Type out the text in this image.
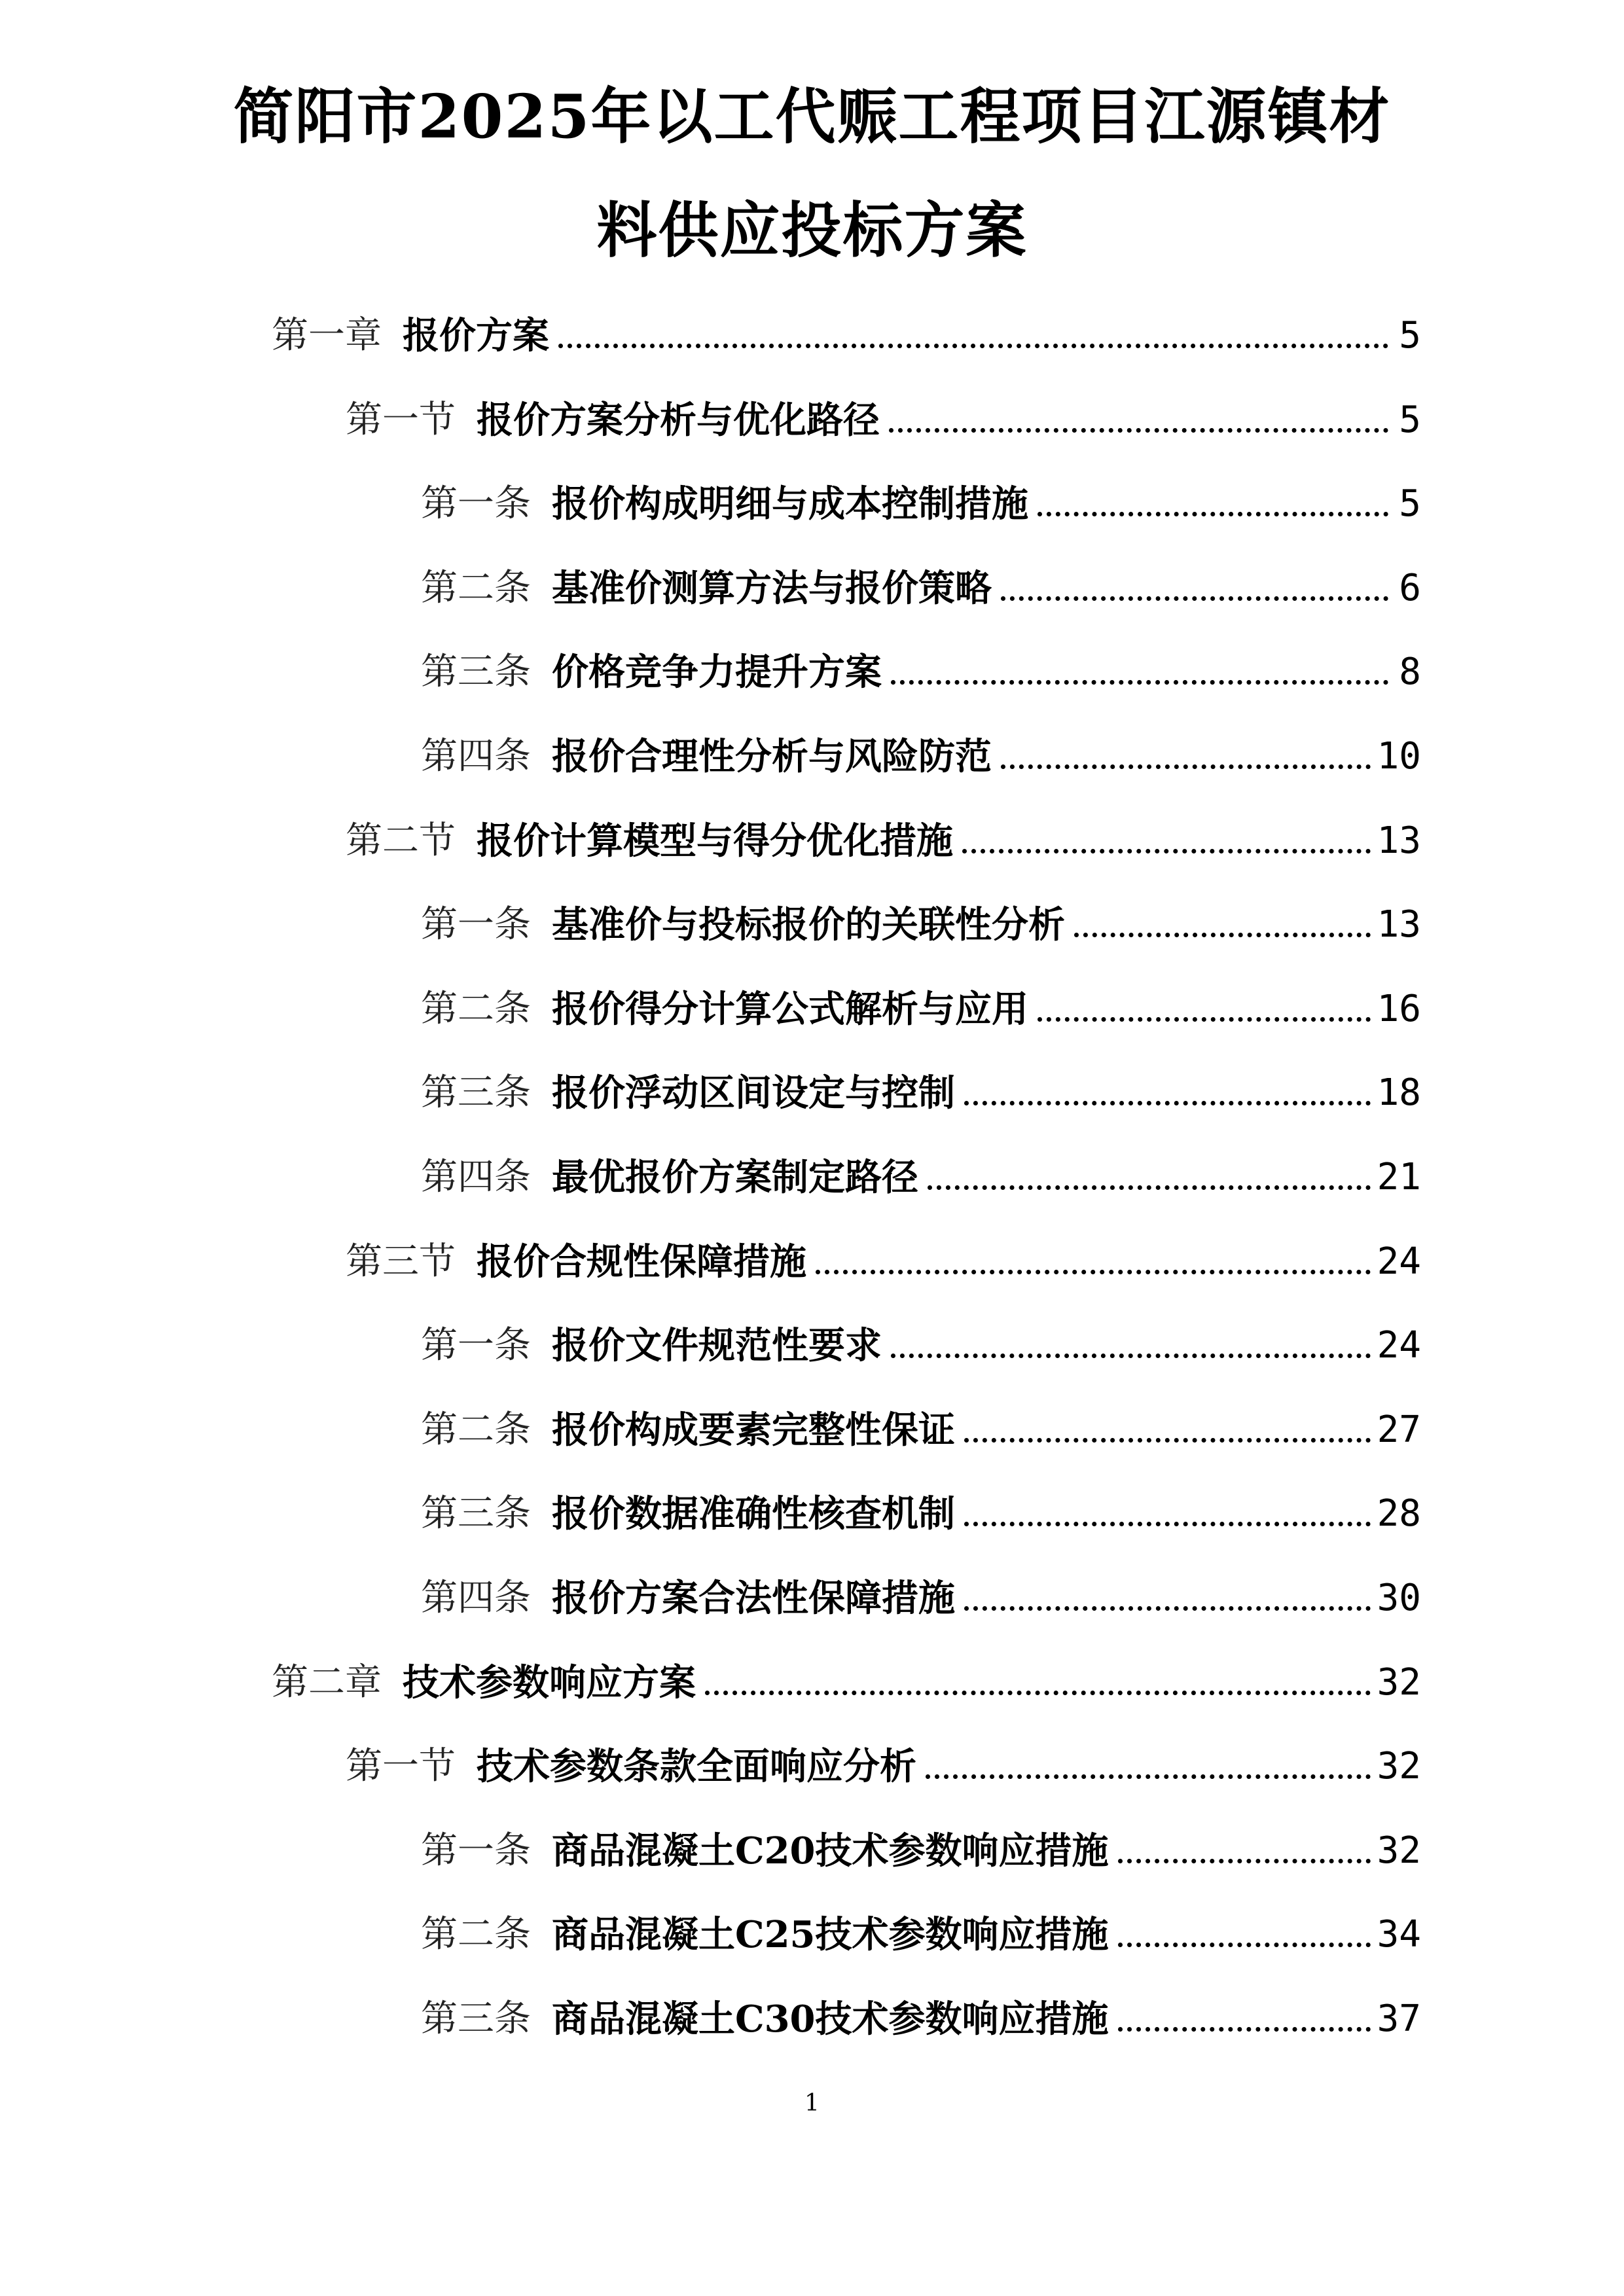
简阳市2025年以工代赈工程项目江源镇材
料供应投标方案
第一章 报价方案	5
第一节 报价方案分析与优化路径	5
第一条 报价构成明细与成本控制措施	5
第二条 基准价测算方法与报价策略	6
第三条 价格竞争力提升方案	8
第四条 报价合理性分析与风险防范	10
第二节 报价计算模型与得分优化措施	13
第一条 基准价与投标报价的关联性分析	13
第二条 报价得分计算公式解析与应用	16
第三条 报价浮动区间设定与控制	18
第四条 最优报价方案制定路径	21
第三节 报价合规性保障措施	24
第一条 报价文件规范性要求	24
第二条 报价构成要素完整性保证	27
第三条 报价数据准确性核查机制	28
第四条 报价方案合法性保障措施	30
第二章 技术参数响应方案	32
第一节 技术参数条款全面响应分析	32
第一条 商品混凝土C20技术参数响应措施	32
第二条 商品混凝土C25技术参数响应措施	34
第三条 商品混凝土C30技术参数响应措施	37
1
